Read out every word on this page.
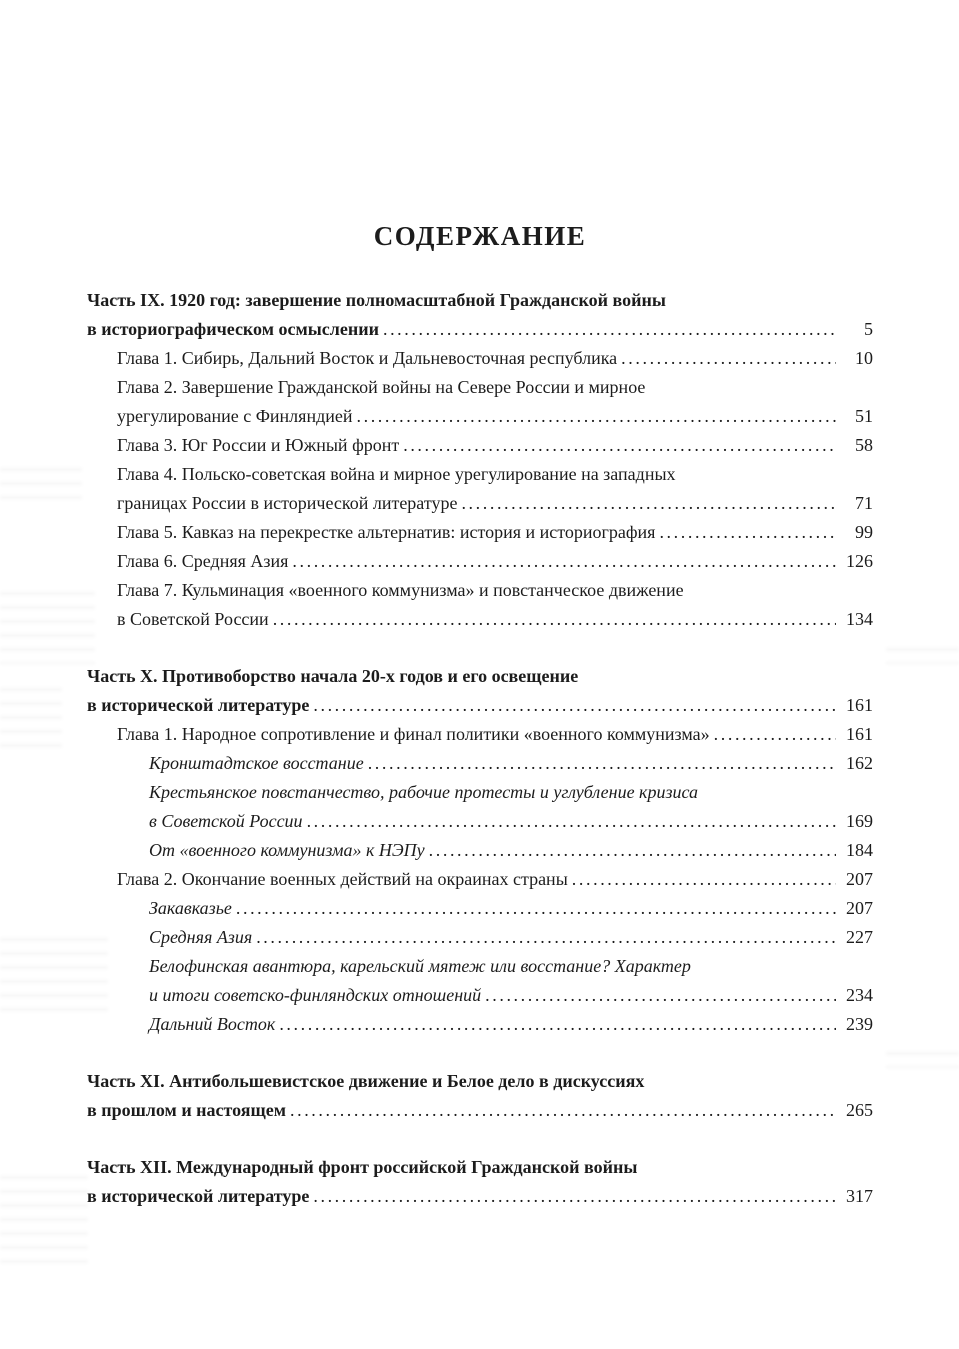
СОДЕРЖАНИЕ
Часть IX. 1920 год: завершение полномасштабной Гражданской войны
в историографическом осмыслении .....	5
Глава 1. Сибирь, Дальний Восток и Дальневосточная республика .....	10
Глава 2. Завершение Гражданской войны на Севере России и мирное
урегулирование с Финляндией .....	51
Глава 3. Юг России и Южный фронт .....	58
Глава 4. Польско-советская война и мирное урегулирование на западных
границах России в исторической литературе .....	71
Глава 5. Кавказ на перекрестке альтернатив: история и историография .....	99
Глава 6. Средняя Азия .....	126
Глава 7. Кульминация «военного коммунизма» и повстанческое движение
в Советской России .....	134
Часть X. Противоборство начала 20-х годов и его освещение
в исторической литературе .....	161
Глава 1. Народное сопротивление и финал политики «военного коммунизма» .....	161
Кронштадтское восстание .....	162
Крестьянское повстанчество, рабочие протесты и углубление кризиса
в Советской России .....	169
От «военного коммунизма» к НЭПу .....	184
Глава 2. Окончание военных действий на окраинах страны .....	207
Закавказье .....	207
Средняя Азия .....	227
Белофинская авантюра, карельский мятеж или восстание? Характер
и итоги советско-финляндских отношений .....	234
Дальний Восток .....	239
Часть XI. Антибольшевистское движение и Белое дело в дискуссиях
в прошлом и настоящем .....	265
Часть XII. Международный фронт российской Гражданской войны
в исторической литературе .....	317
